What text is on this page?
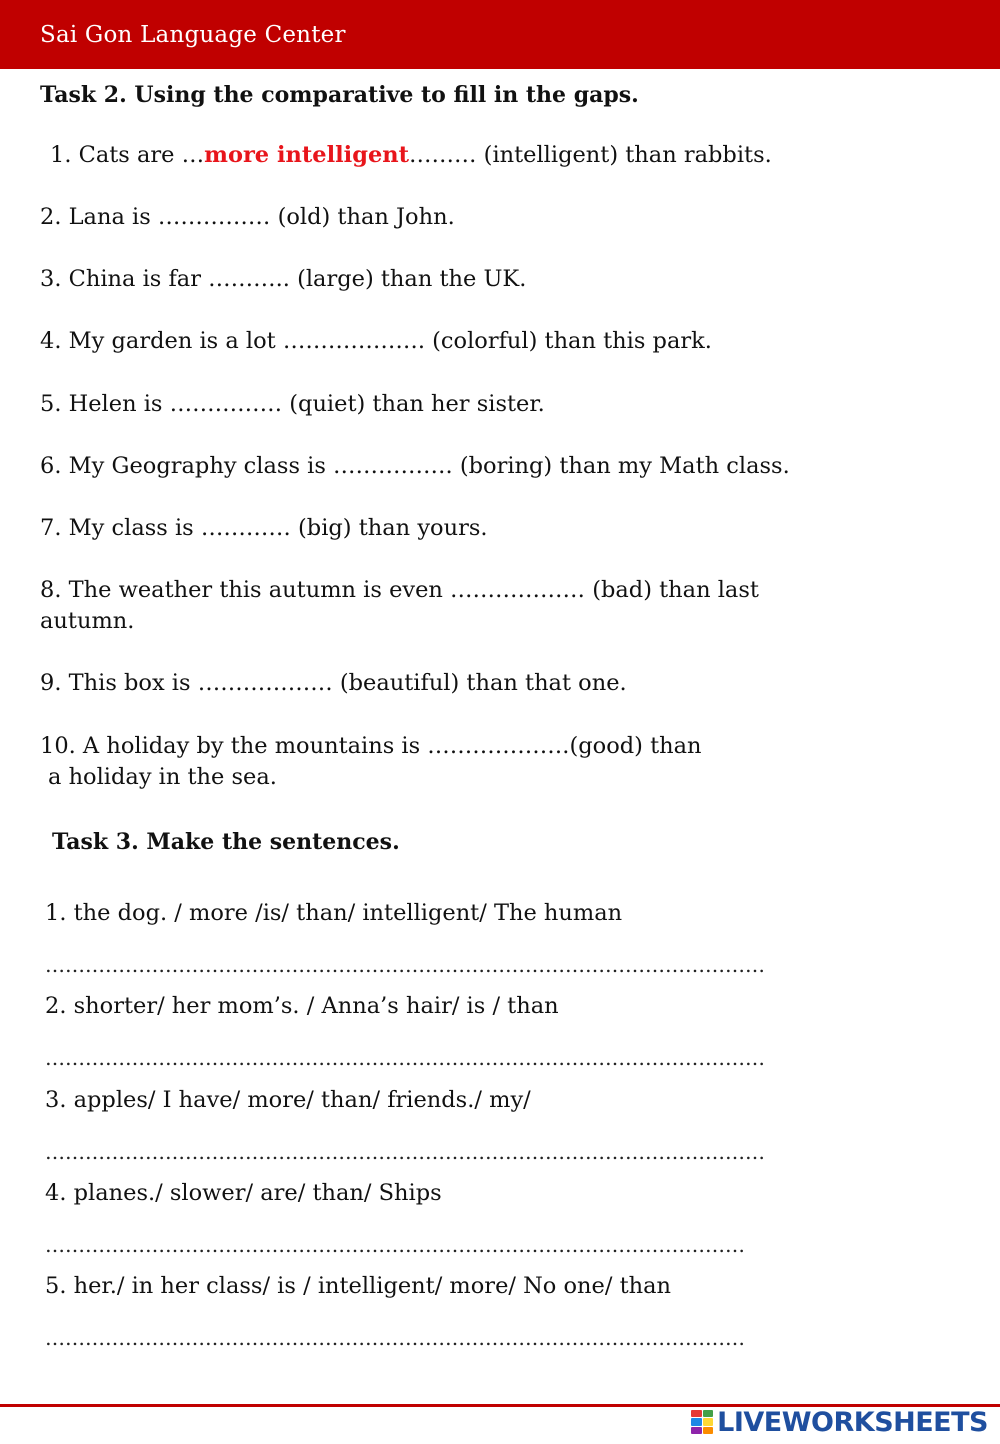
Sai Gon Language Center
Task 2. Using the comparative to fill in the gaps.
1. Cats are …more intelligent……… (intelligent) than rabbits.
2. Lana is …………… (old) than John.
3. China is far ……….. (large) than the UK.
4. My garden is a lot ………………. (colorful) than this park.
5. Helen is …………… (quiet) than her sister.
6. My Geography class is ……………. (boring) than my Math class.
7. My class is ………… (big) than yours.
8. The weather this autumn is even ……………… (bad) than last
autumn.
9. This box is ……………… (beautiful) than that one.
10. A holiday by the mountains is ……………….(good) than
a holiday in the sea.
Task 3. Make the sentences.
1. the dog. / more /is/ than/ intelligent/ The human
………………………………………………………………………………………………
2. shorter/ her mom’s. / Anna’s hair/ is / than
………………………………………………………………………………………………
3. apples/ I have/ more/ than/ friends./ my/
………………………………………………………………………………………………
4. planes./ slower/ are/ than/ Ships
……………………………………………………………………………………………
5. her./ in her class/ is / intelligent/ more/ No one/ than
……………………………………………………………………………………………
LIVEWORKSHEETS
